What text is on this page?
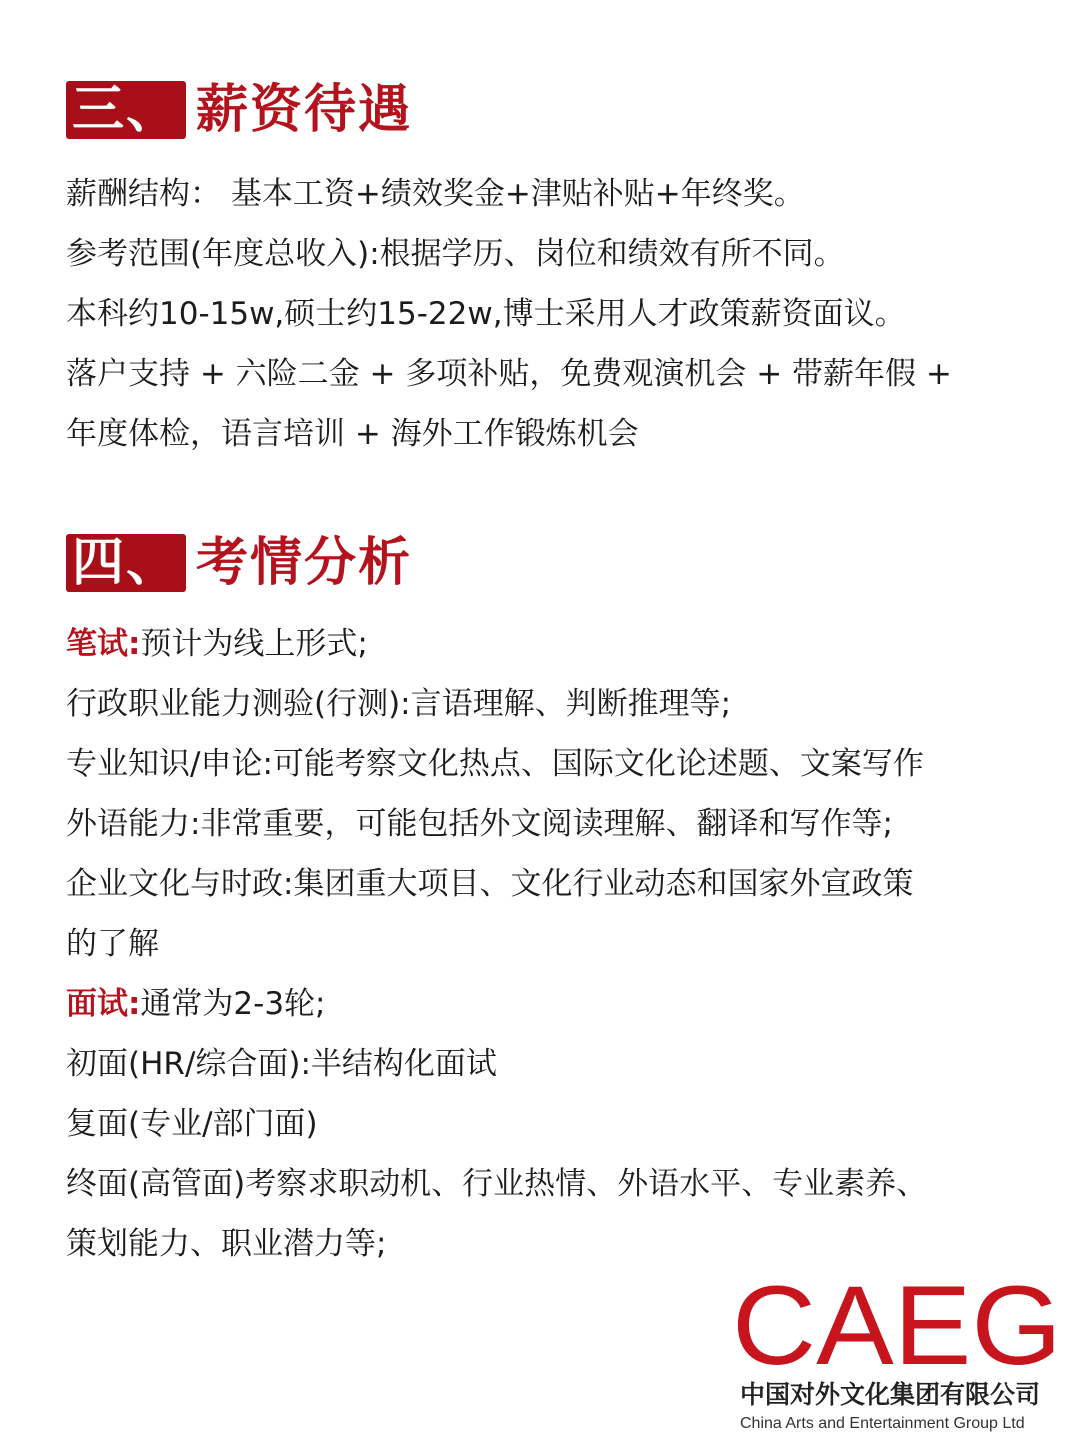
三、 薪资待遇
薪酬结构： 基本工资+绩效奖金+津贴补贴+年终奖。
参考范围(年度总收入):根据学历、岗位和绩效有所不同。
本科约10-15w,硕士约15-22w,博士采用人才政策薪资面议。
落户支持 + 六险二金 + 多项补贴，免费观演机会 + 带薪年假 +
年度体检，语言培训 + 海外工作锻炼机会
四、 考情分析
笔试:预计为线上形式;
行政职业能力测验(行测):言语理解、判断推理等;
专业知识/申论:可能考察文化热点、国际文化论述题、文案写作
外语能力:非常重要，可能包括外文阅读理解、翻译和写作等;
企业文化与时政:集团重大项目、文化行业动态和国家外宣政策
的了解
面试:通常为2-3轮;
初面(HR/综合面):半结构化面试
复面(专业/部门面)
终面(高管面)考察求职动机、行业热情、外语水平、专业素养、
策划能力、职业潜力等;
CAEG
中国对外文化集团有限公司
China Arts and Entertainment Group Ltd
